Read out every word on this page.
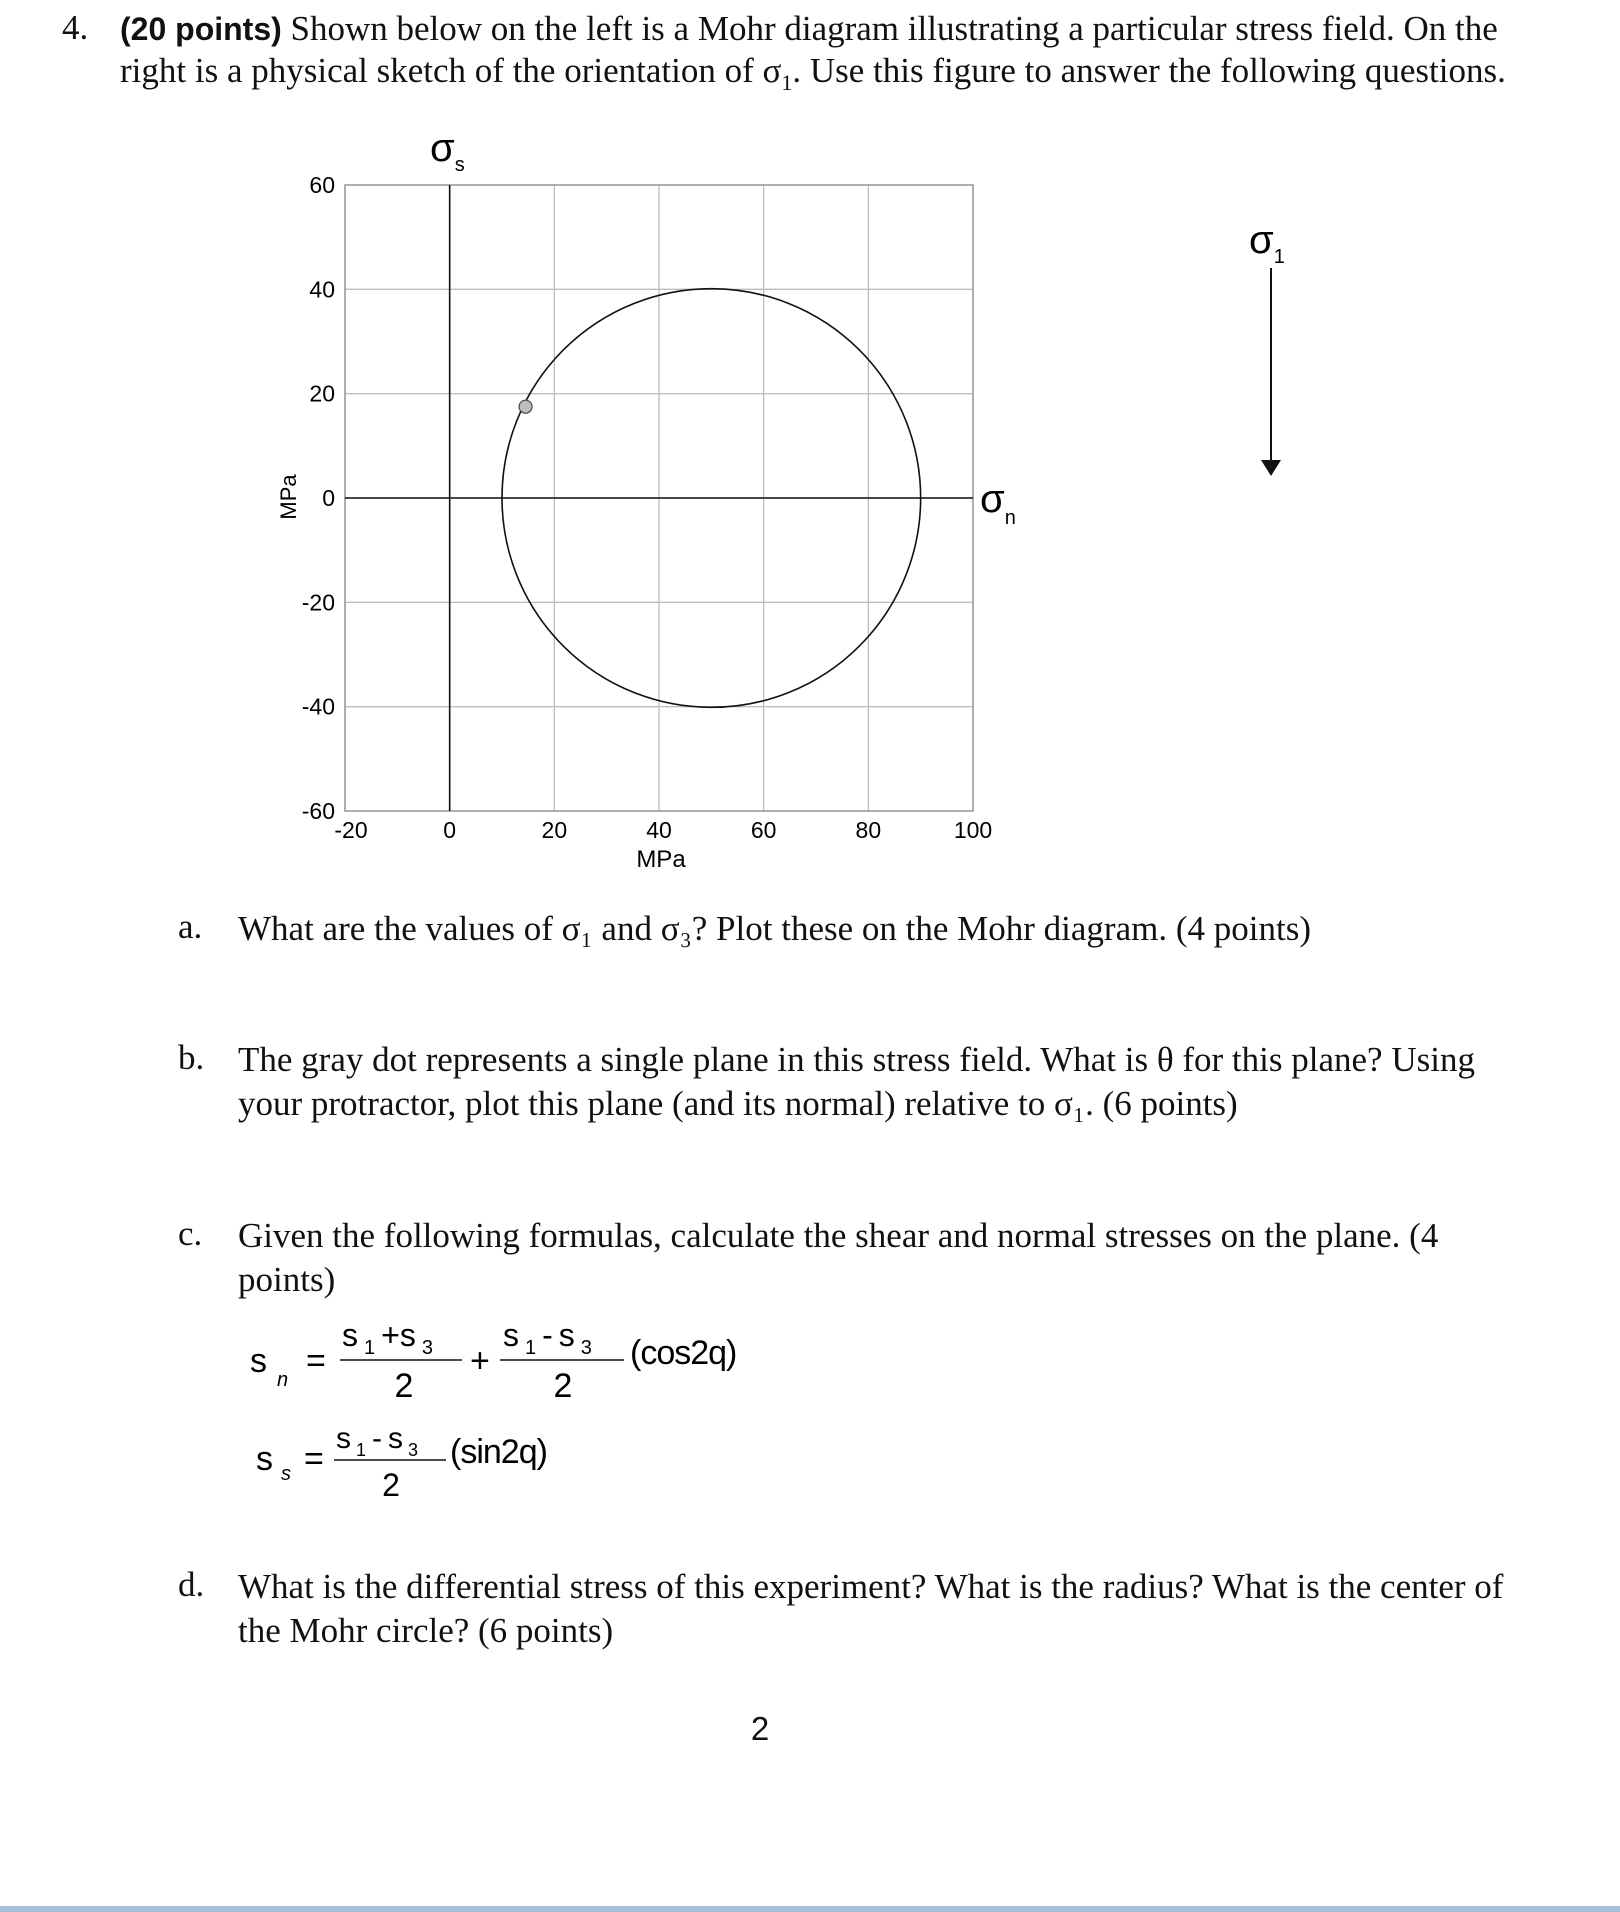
4. (20 points) Shown below on the left is a Mohr diagram illustrating a particular stress field. On the right is a physical sketch of the orientation of $\sigma_1$. Use this figure to answer the following questions.
-60
-40
-20
0
20
40
60
-20	0	20	40	60	80	100
MPa
MPa
$\sigma_s$
$\sigma_n$
$\sigma_1$
a. What are the values of σ₁ and σ₃? Plot these on the Mohr diagram. (4 points)
b. The gray dot represents a single plane in this stress field. What is θ for this plane? Using your protractor, plot this plane (and its normal) relative to σ₁. (6 points)
c. Given the following formulas, calculate the shear and normal stresses on the plane. (4 points)
s $_n$ =
s $_1$ +s $_3$
2
+
s $_1$ - s $_3$
2
(cos2q)
s $_s$ =
s $_1$ - s $_3$
2
(sin2q)
d. What is the differential stress of this experiment? What is the radius? What is the center of the Mohr circle? (6 points)
2
